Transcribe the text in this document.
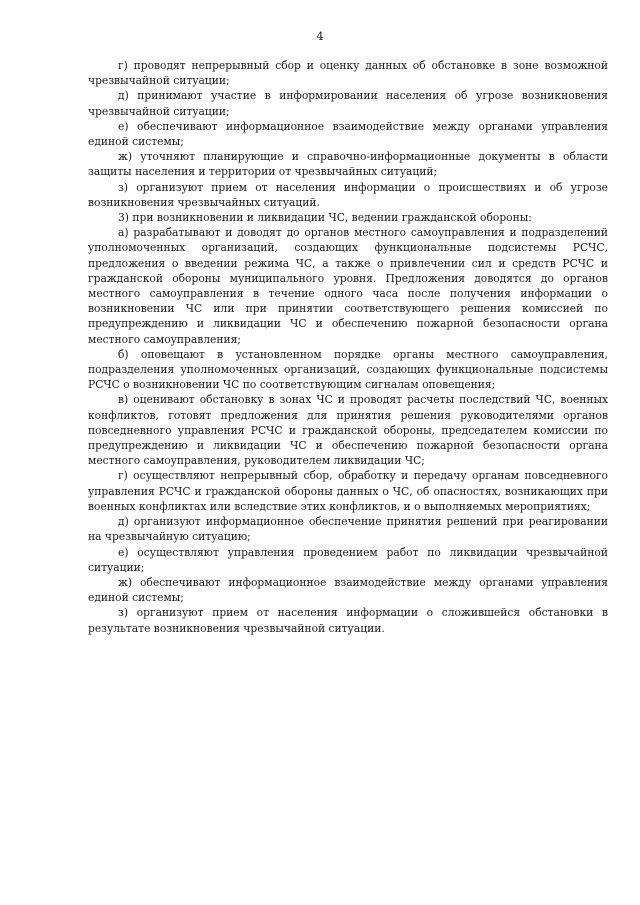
4

г) проводят непрерывный сбор и оценку данных об обстановке в зоне возможной чрезвычайной ситуации;

д) принимают участие в информировании населения об угрозе возникновения чрезвычайной ситуации;

е) обеспечивают информационное взаимодействие между органами управления единой системы;

ж) уточняют планирующие и справочно-информационные документы в области защиты населения и территории от чрезвычайных ситуаций;

з) организуют прием от населения информации о происшествиях и об угрозе возникновения чрезвычайных ситуаций.

3) при возникновении и ликвидации ЧС, ведении гражданской обороны:

а) разрабатывают и доводят до органов местного самоуправления и подразделений уполномоченных организаций, создающих функциональные подсистемы РСЧС, предложения о введении режима ЧС, а также о привлечении сил и средств РСЧС и гражданской обороны муниципального уровня. Предложения доводятся до органов местного самоуправления в течение одного часа после получения информации о возникновении ЧС или при принятии соответствующего решения комиссией по предупреждению и ликвидации ЧС и обеспечению пожарной безопасности органа местного самоуправления;

б) оповещают в установленном порядке органы местного самоуправления, подразделения уполномоченных организаций, создающих функциональные подсистемы РСЧС о возникновении ЧС по соответствующим сигналам оповещения;

в) оценивают обстановку в зонах ЧС и проводят расчеты последствий ЧС, военных конфликтов, готовят предложения для принятия решения руководителями органов повседневного управления РСЧС и гражданской обороны, председателем комиссии по предупреждению и ликвидации ЧС и обеспечению пожарной безопасности органа местного самоуправления, руководителем ликвидации ЧС;

г) осуществляют непрерывный сбор, обработку и передачу органам повседневного управления РСЧС и гражданской обороны данных о ЧС, об опасностях, возникающих при военных конфликтах или вследствие этих конфликтов, и о выполняемых мероприятиях;

д) организуют информационное обеспечение принятия решений при реагировании на чрезвычайную ситуацию;

е) осуществляют управления проведением работ по ликвидации чрезвычайной ситуации;

ж) обеспечивают информационное взаимодействие между органами управления единой системы;

з) организуют прием от населения информации о сложившейся обстановки в результате возникновения чрезвычайной ситуации.
